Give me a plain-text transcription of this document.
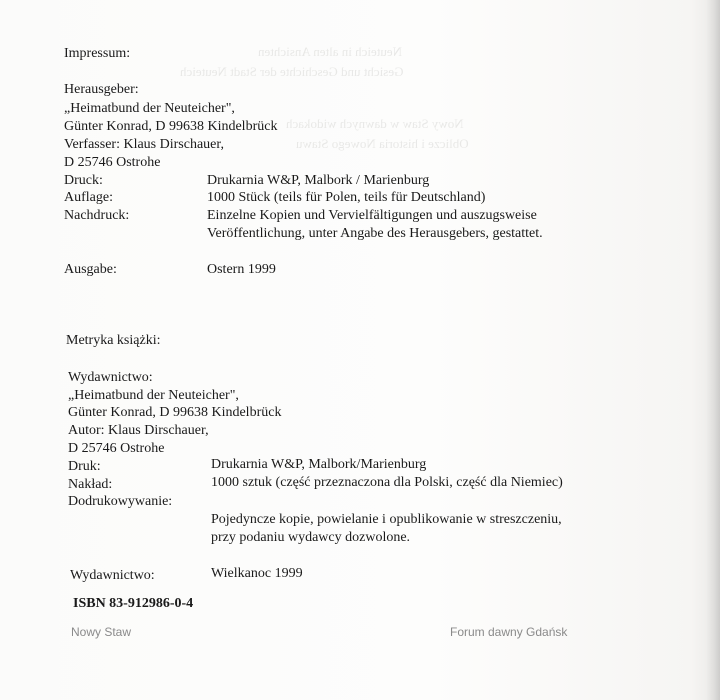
Neuteich in alten Ansichten
Gesicht und Geschichte der Stadt Neuteich
Nowy Staw w dawnych widokach
Oblicze i historia Nowego Stawu
Impressum:
Herausgeber:
„Heimatbund der Neuteicher",
Günter Konrad, D 99638 Kindelbrück
Verfasser: Klaus Dirschauer,
D 25746 Ostrohe
Druck:	Drukarnia W&P, Malbork / Marienburg
Auflage:	1000 Stück (teils für Polen, teils für Deutschland)
Nachdruck:	Einzelne Kopien und Vervielfältigungen und auszugsweise
Veröffentlichung, unter Angabe des Herausgebers, gestattet.
Ausgabe:	Ostern 1999
Metryka książki:
Wydawnictwo:
„Heimatbund der Neuteicher",
Günter Konrad, D 99638 Kindelbrück
Autor: Klaus Dirschauer,
D 25746 Ostrohe
Druk:	Drukarnia W&P, Malbork/Marienburg
Nakład:	1000 sztuk (część przeznaczona dla Polski, część dla Niemiec)
Dodrukowywanie:
Pojedyncze kopie, powielanie i opublikowanie w streszczeniu,
przy podaniu wydawcy dozwolone.
Wydawnictwo:	Wielkanoc 1999
ISBN 83-912986-0-4
Nowy Staw	Forum dawny Gdańsk
